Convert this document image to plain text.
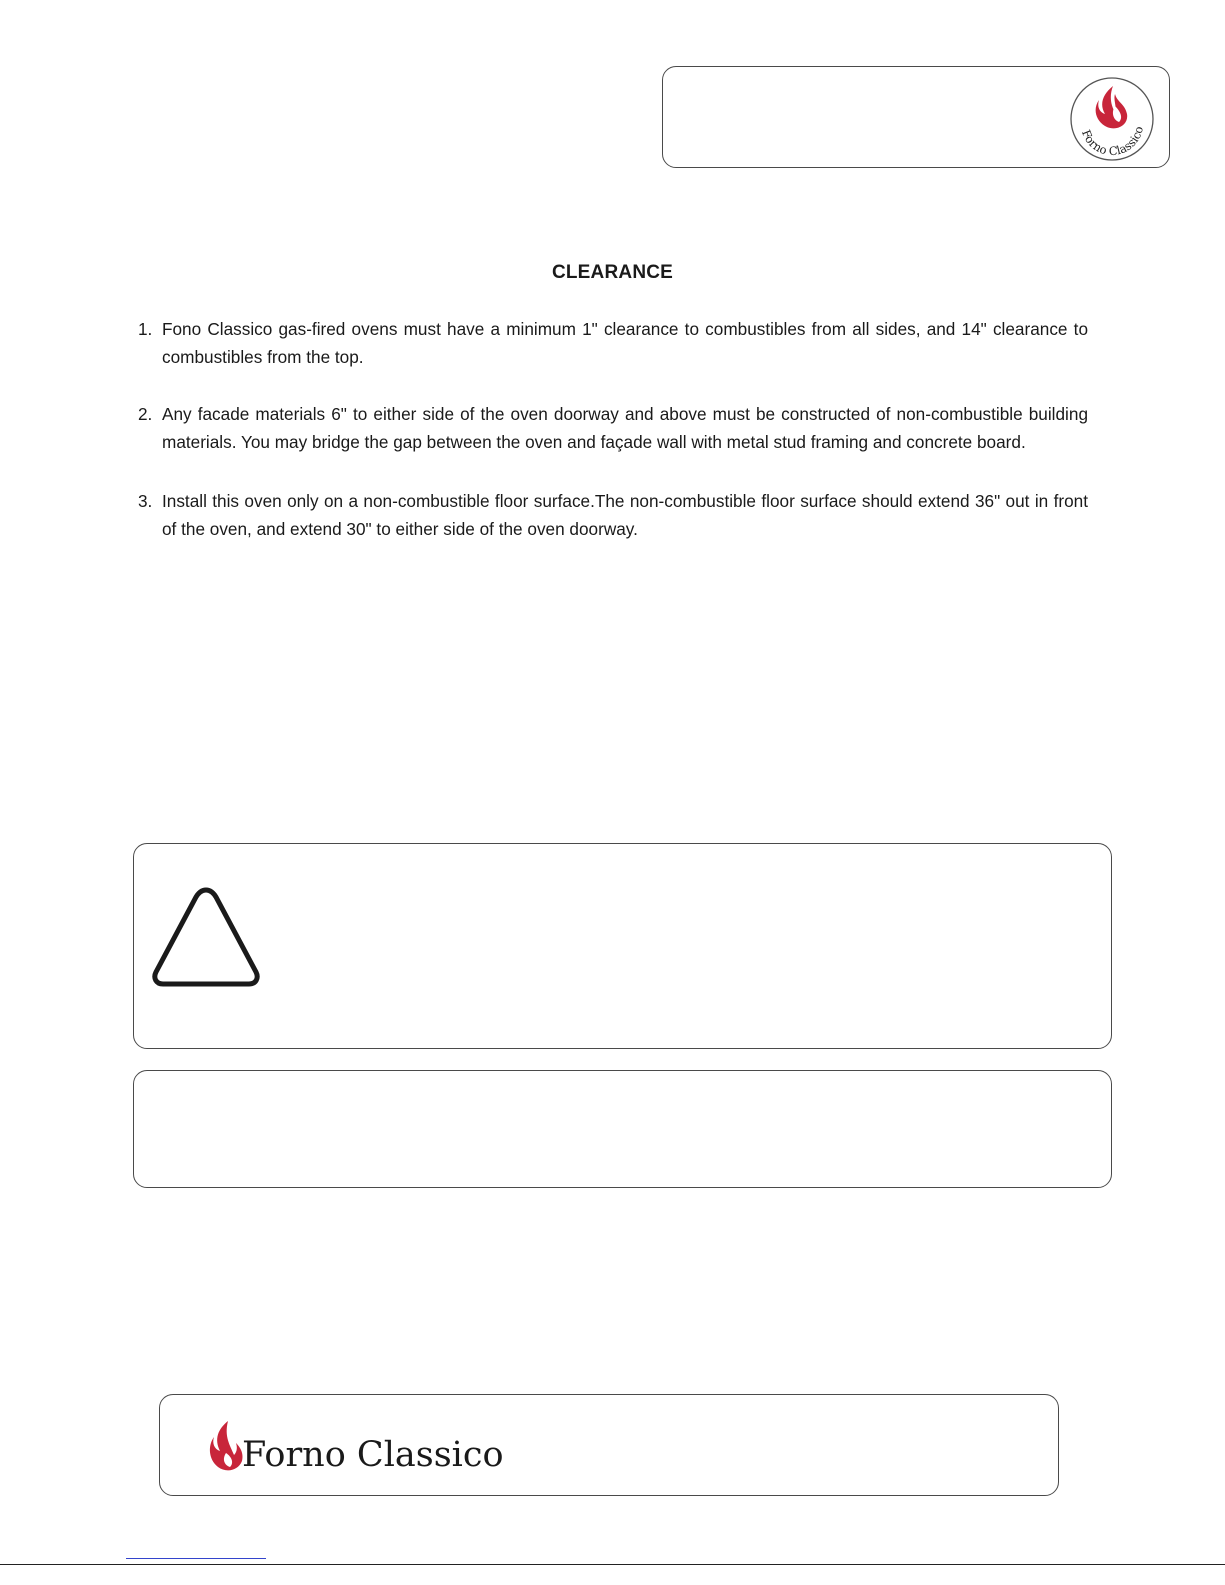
Forno Classico
CLEARANCE
1. Fono Classico gas-fired ovens must have a minimum 1" clearance to combustibles from all sides, and 14" clearance to combustibles from the top.
2. Any facade materials 6" to either side of the oven doorway and above must be constructed of non-combustible building materials. You may bridge the gap between the oven and façade wall with metal stud framing and concrete board.
3. Install this oven only on a non-combustible floor surface.The non-combustible floor surface should extend 36" out in front of the oven, and extend 30" to either side of the oven doorway.
Forno Classico
